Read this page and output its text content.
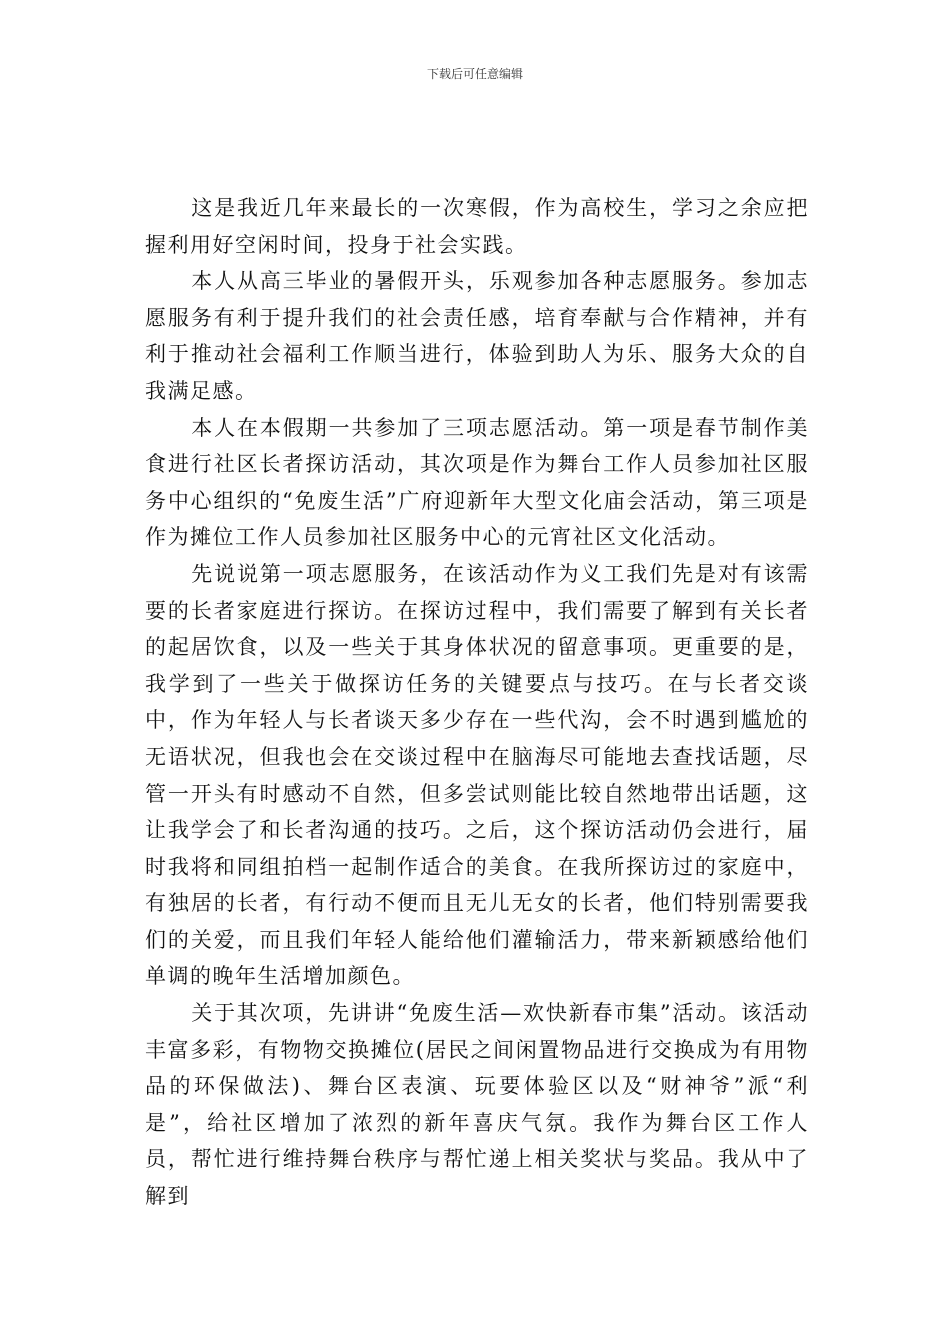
下载后可任意编辑

这是我近几年来最长的一次寒假，作为高校生，学习之余应把握利用好空闲时间，投身于社会实践。

本人从高三毕业的暑假开头，乐观参加各种志愿服务。参加志愿服务有利于提升我们的社会责任感，培育奉献与合作精神，并有利于推动社会福利工作顺当进行，体验到助人为乐、服务大众的自我满足感。

本人在本假期一共参加了三项志愿活动。第一项是春节制作美食进行社区长者探访活动，其次项是作为舞台工作人员参加社区服务中心组织的“免废生活”广府迎新年大型文化庙会活动，第三项是作为摊位工作人员参加社区服务中心的元宵社区文化活动。

先说说第一项志愿服务，在该活动作为义工我们先是对有该需要的长者家庭进行探访。在探访过程中，我们需要了解到有关长者的起居饮食，以及一些关于其身体状况的留意事项。更重要的是，我学到了一些关于做探访任务的关键要点与技巧。在与长者交谈中，作为年轻人与长者谈天多少存在一些代沟，会不时遇到尴尬的无语状况，但我也会在交谈过程中在脑海尽可能地去查找话题，尽管一开头有时感动不自然，但多尝试则能比较自然地带出话题，这让我学会了和长者沟通的技巧。之后，这个探访活动仍会进行，届时我将和同组拍档一起制作适合的美食。在我所探访过的家庭中，有独居的长者，有行动不便而且无儿无女的长者，他们特别需要我们的关爱，而且我们年轻人能给他们灌输活力，带来新颖感给他们单调的晚年生活增加颜色。

关于其次项，先讲讲“免废生活—欢快新春市集”活动。该活动丰富多彩，有物物交换摊位(居民之间闲置物品进行交换成为有用物品的环保做法)、舞台区表演、玩要体验区以及“财神爷”派“利是”，给社区增加了浓烈的新年喜庆气氛。我作为舞台区工作人员，帮忙进行维持舞台秩序与帮忙递上相关奖状与奖品。我从中了解到
